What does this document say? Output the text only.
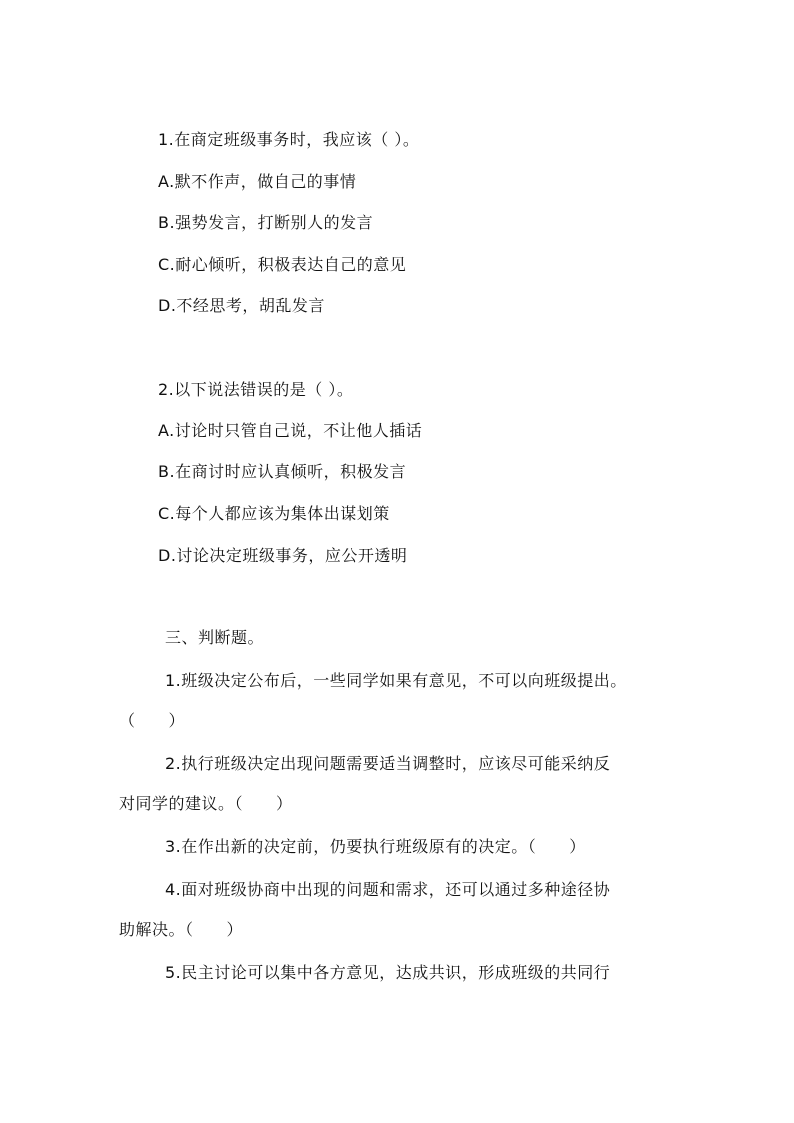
1.在商定班级事务时，我应该（ ）。
A.默不作声，做自己的事情
B.强势发言，打断别人的发言
C.耐心倾听，积极表达自己的意见
D.不经思考，胡乱发言
2.以下说法错误的是（ ）。
A.讨论时只管自己说，不让他人插话
B.在商讨时应认真倾听，积极发言
C.每个人都应该为集体出谋划策
D.讨论决定班级事务，应公开透明
三、判断题。
1.班级决定公布后，一些同学如果有意见，不可以向班级提出。
（　　）
2.执行班级决定出现问题需要适当调整时，应该尽可能采纳反
对同学的建议。（　　）
3.在作出新的决定前，仍要执行班级原有的决定。（　　）
4.面对班级协商中出现的问题和需求，还可以通过多种途径协
助解决。（　　）
5.民主讨论可以集中各方意见，达成共识，形成班级的共同行
